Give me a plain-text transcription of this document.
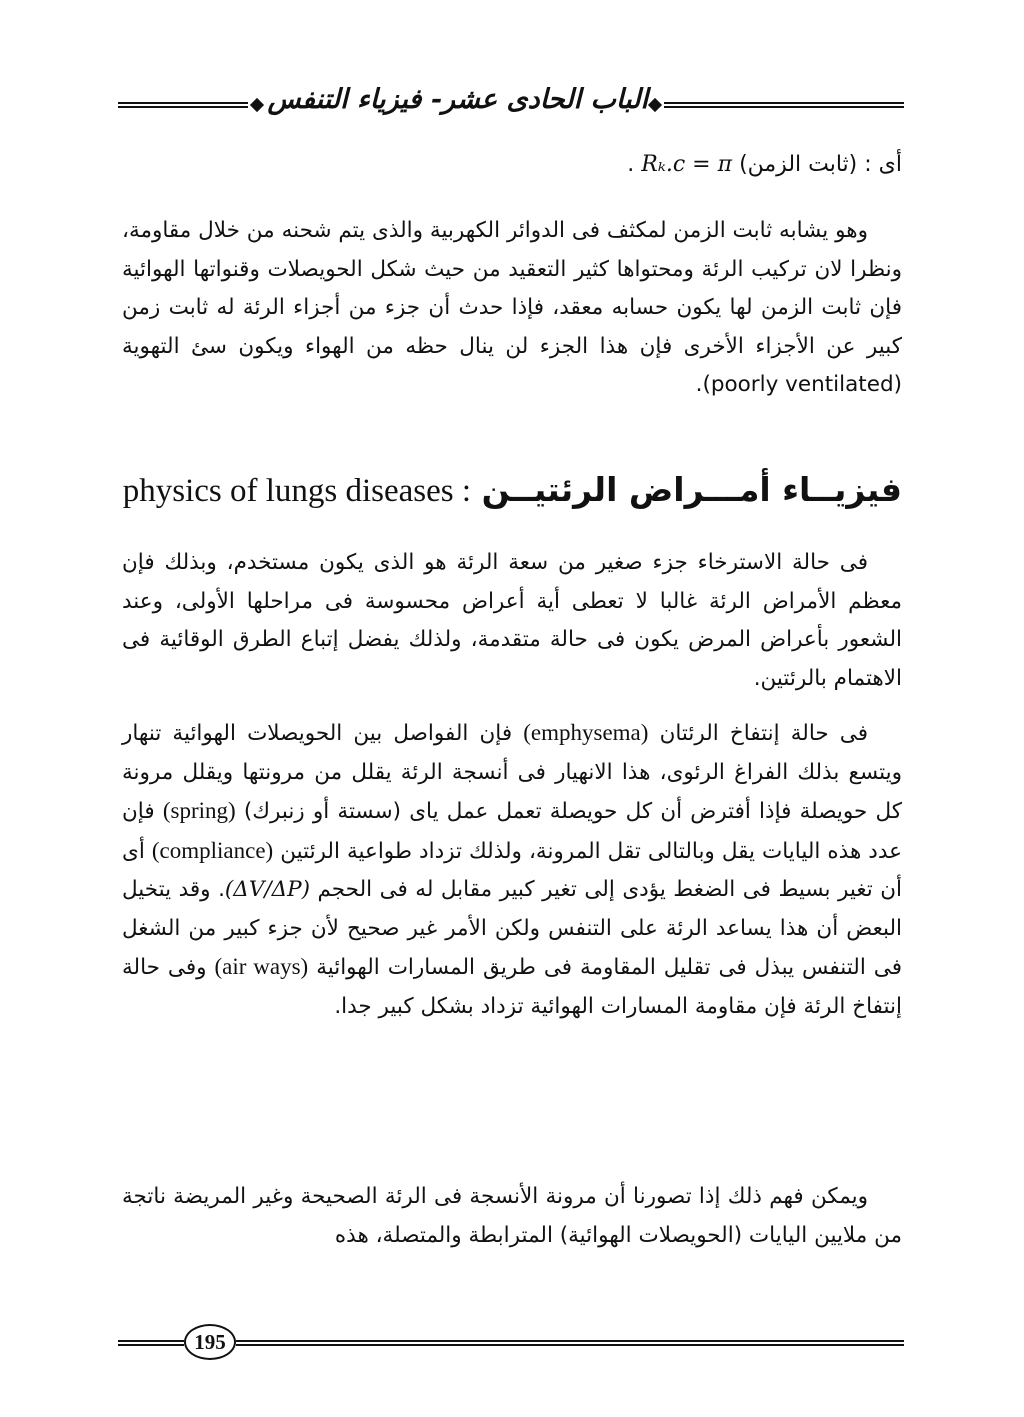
الباب الحادى عشر- فيزياء التنفس
أى : (ثابت الزمن) Rₖ.c = π .

وهو يشابه ثابت الزمن لمكثف فى الدوائر الكهربية والذى يتم شحنه من خلال مقاومة، ونظرا لان تركيب الرئة ومحتواها كثير التعقيد من حيث شكل الحويصلات وقنواتها الهوائية فإن ثابت الزمن لها يكون حسابه معقد، فإذا حدث أن جزء من أجزاء الرئة له ثابت زمن كبير عن الأجزاء الأخرى فإن هذا الجزء لن ينال حظه من الهواء ويكون سئ التهوية (poorly ventilated).

فيزيــاء أمـــراض الرئتيــن physics of lungs diseases :

فى حالة الاسترخاء جزء صغير من سعة الرئة هو الذى يكون مستخدم، وبذلك فإن معظم الأمراض الرئة غالبا لا تعطى أية أعراض محسوسة فى مراحلها الأولى، وعند الشعور بأعراض المرض يكون فى حالة متقدمة، ولذلك يفضل إتباع الطرق الوقائية فى الاهتمام بالرئتين.

فى حالة إنتفاخ الرئتان (emphysema) فإن الفواصل بين الحويصلات الهوائية تنهار ويتسع بذلك الفراغ الرئوى، هذا الانهيار فى أنسجة الرئة يقلل من مرونتها ويقلل مرونة كل حويصلة فإذا أفترض أن كل حويصلة تعمل عمل ياى (سستة أو زنبرك) (spring) فإن عدد هذه اليايات يقل وبالتالى تقل المرونة، ولذلك تزداد طواعية الرئتين (compliance) أى أن تغير بسيط فى الضغط يؤدى إلى تغير كبير مقابل له فى الحجم (ΔV/ΔP). وقد يتخيل البعض أن هذا يساعد الرئة على التنفس ولكن الأمر غير صحيح لأن جزء كبير من الشغل فى التنفس يبذل فى تقليل المقاومة فى طريق المسارات الهوائية (air ways) وفى حالة إنتفاخ الرئة فإن مقاومة المسارات الهوائية تزداد بشكل كبير جدا.

ويمكن فهم ذلك إذا تصورنا أن مرونة الأنسجة فى الرئة الصحيحة وغير المريضة ناتجة من ملايين اليايات (الحويصلات الهوائية) المترابطة والمتصلة، هذه

195
